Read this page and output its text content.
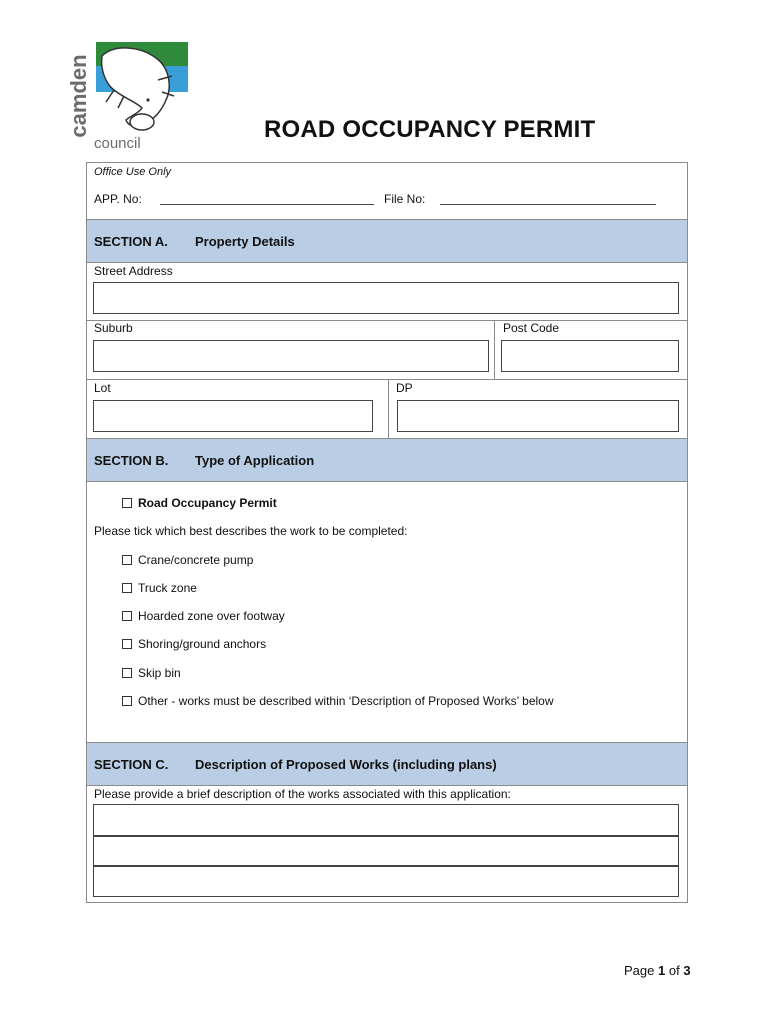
camden
council
ROAD OCCUPANCY PERMIT
Office Use Only
APP. No:	File No:
SECTION A. Property Details
Street Address
Suburb	Post Code
Lot	DP
SECTION B. Type of Application
Road Occupancy Permit
Please tick which best describes the work to be completed:
Crane/concrete pump
Truck zone
Hoarded zone over footway
Shoring/ground anchors
Skip bin
Other - works must be described within ‘Description of Proposed Works’ below
SECTION C. Description of Proposed Works (including plans)
Please provide a brief description of the works associated with this application:
Page 1 of 3
